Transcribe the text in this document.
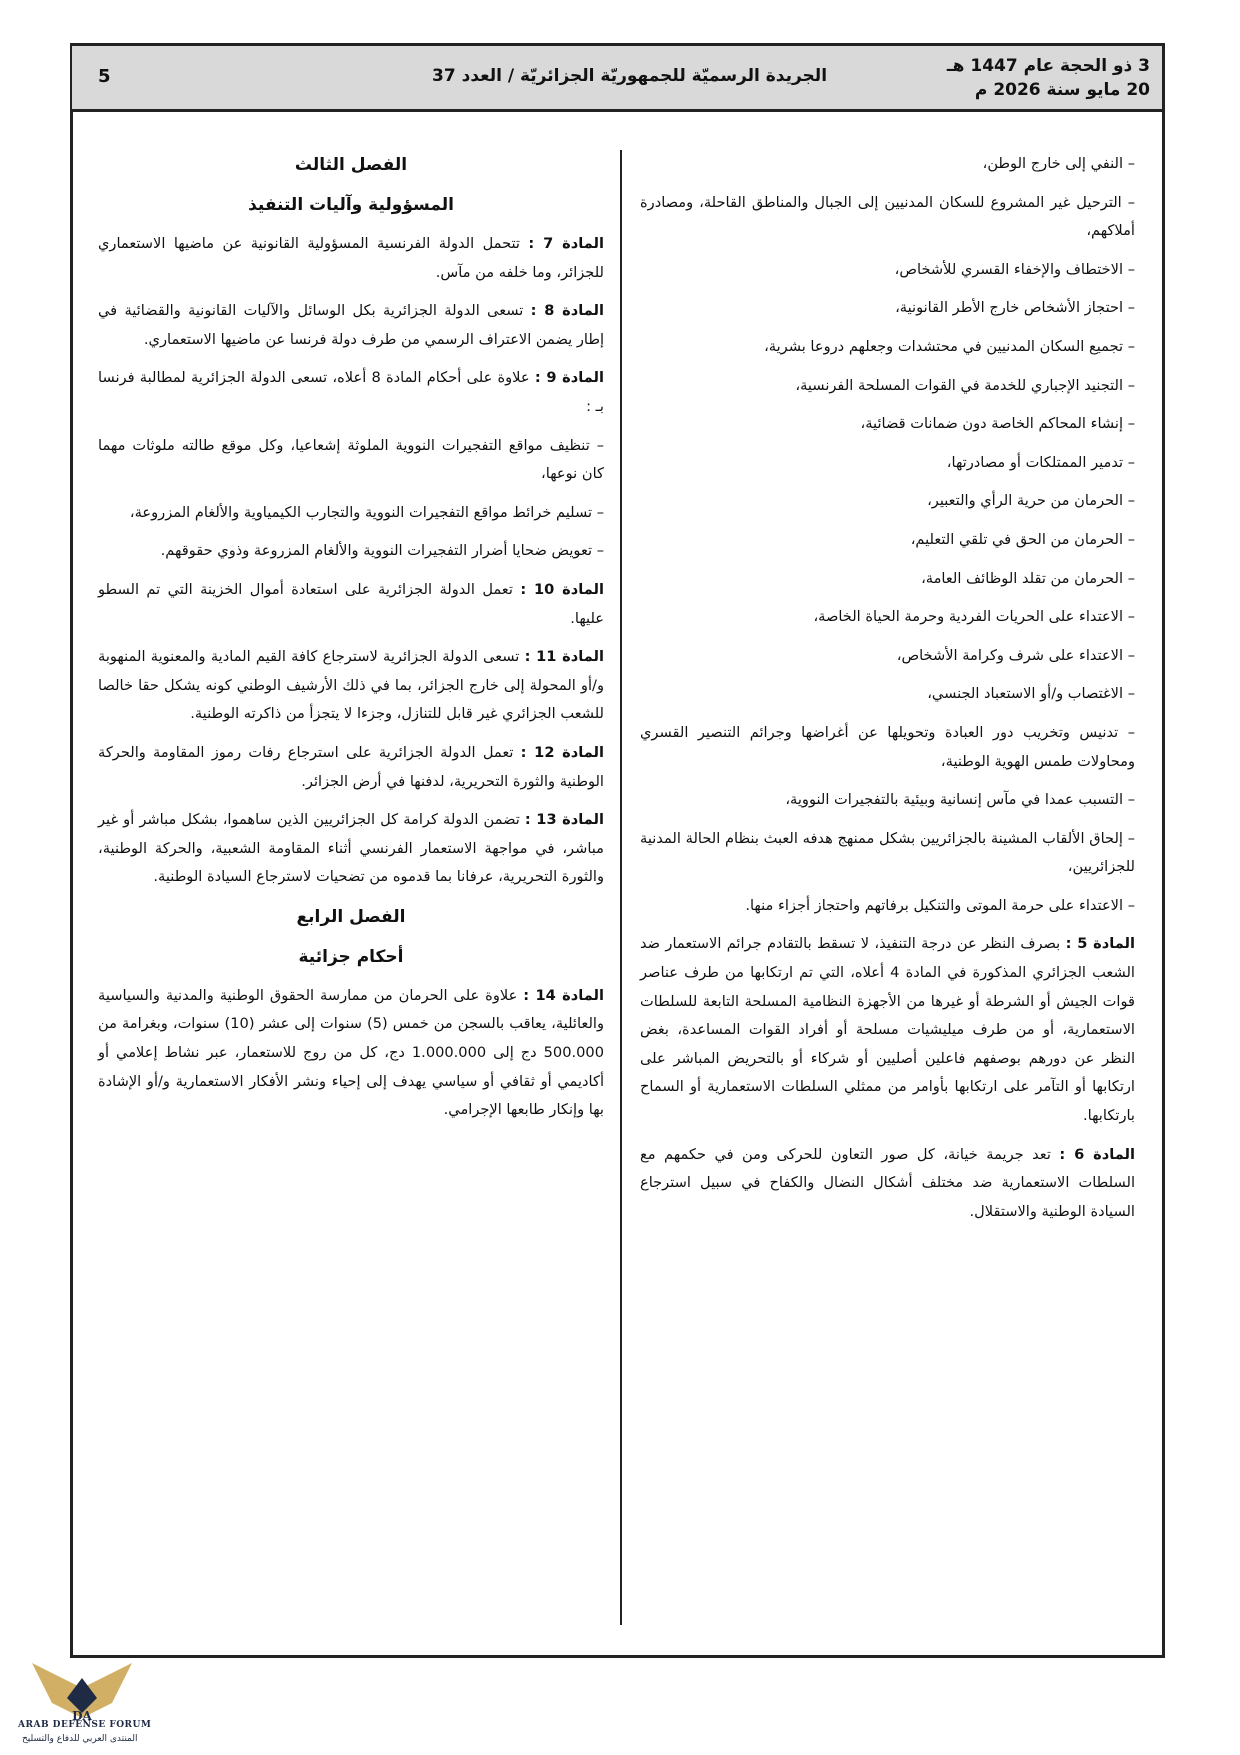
3 ذو الحجة عام 1447 هـ
20 مايو سنة 2026 م
الجريدة الرسميّة للجمهوريّة الجزائريّة / العدد 37
5

– النفي إلى خارج الوطن،

– الترحيل غير المشروع للسكان المدنيين إلى الجبال والمناطق القاحلة، ومصادرة أملاكهم،

– الاختطاف والإخفاء القسري للأشخاص،

– احتجاز الأشخاص خارج الأطر القانونية،

– تجميع السكان المدنيين في محتشدات وجعلهم دروعا بشرية،

– التجنيد الإجباري للخدمة في القوات المسلحة الفرنسية،

– إنشاء المحاكم الخاصة دون ضمانات قضائية،

– تدمير الممتلكات أو مصادرتها،

– الحرمان من حرية الرأي والتعبير،

– الحرمان من الحق في تلقي التعليم،

– الحرمان من تقلد الوظائف العامة،

– الاعتداء على الحريات الفردية وحرمة الحياة الخاصة،

– الاعتداء على شرف وكرامة الأشخاص،

– الاغتصاب و/أو الاستعباد الجنسي،

– تدنيس وتخريب دور العبادة وتحويلها عن أغراضها وجرائم التنصير القسري ومحاولات طمس الهوية الوطنية،

– التسبب عمدا في مآس إنسانية وبيئية بالتفجيرات النووية،

– إلحاق الألقاب المشينة بالجزائريين بشكل ممنهج هدفه العبث بنظام الحالة المدنية للجزائريين،

– الاعتداء على حرمة الموتى والتنكيل برفاتهم واحتجاز أجزاء منها.

المادة 5 : بصرف النظر عن درجة التنفيذ، لا تسقط بالتقادم جرائم الاستعمار ضد الشعب الجزائري المذكورة في المادة 4 أعلاه، التي تم ارتكابها من طرف عناصر قوات الجيش أو الشرطة أو غيرها من الأجهزة النظامية المسلحة التابعة للسلطات الاستعمارية، أو من طرف ميليشيات مسلحة أو أفراد القوات المساعدة، بغض النظر عن دورهم بوصفهم فاعلين أصليين أو شركاء أو بالتحريض المباشر على ارتكابها أو التآمر على ارتكابها بأوامر من ممثلي السلطات الاستعمارية أو السماح بارتكابها.

المادة 6 : تعد جريمة خيانة، كل صور التعاون للحركى ومن في حكمهم مع السلطات الاستعمارية ضد مختلف أشكال النضال والكفاح في سبيل استرجاع السيادة الوطنية والاستقلال.

الفصل الثالث
المسؤولية وآليات التنفيذ

المادة 7 : تتحمل الدولة الفرنسية المسؤولية القانونية عن ماضيها الاستعماري للجزائر، وما خلفه من مآس.

المادة 8 : تسعى الدولة الجزائرية بكل الوسائل والآليات القانونية والقضائية في إطار يضمن الاعتراف الرسمي من طرف دولة فرنسا عن ماضيها الاستعماري.

المادة 9 : علاوة على أحكام المادة 8 أعلاه، تسعى الدولة الجزائرية لمطالبة فرنسا بـ :

– تنظيف مواقع التفجيرات النووية الملوثة إشعاعيا، وكل موقع طالته ملوثات مهما كان نوعها،

– تسليم خرائط مواقع التفجيرات النووية والتجارب الكيمياوية والألغام المزروعة،

– تعويض ضحايا أضرار التفجيرات النووية والألغام المزروعة وذوي حقوقهم.

المادة 10 : تعمل الدولة الجزائرية على استعادة أموال الخزينة التي تم السطو عليها.

المادة 11 : تسعى الدولة الجزائرية لاسترجاع كافة القيم المادية والمعنوية المنهوبة و/أو المحولة إلى خارج الجزائر، بما في ذلك الأرشيف الوطني كونه يشكل حقا خالصا للشعب الجزائري غير قابل للتنازل، وجزءا لا يتجزأ من ذاكرته الوطنية.

المادة 12 : تعمل الدولة الجزائرية على استرجاع رفات رموز المقاومة والحركة الوطنية والثورة التحريرية، لدفنها في أرض الجزائر.

المادة 13 : تضمن الدولة كرامة كل الجزائريين الذين ساهموا، بشكل مباشر أو غير مباشر، في مواجهة الاستعمار الفرنسي أثناء المقاومة الشعبية، والحركة الوطنية، والثورة التحريرية، عرفانا بما قدموه من تضحيات لاسترجاع السيادة الوطنية.

الفصل الرابع
أحكام جزائية

المادة 14 : علاوة على الحرمان من ممارسة الحقوق الوطنية والمدنية والسياسية والعائلية، يعاقب بالسجن من خمس (5) سنوات إلى عشر (10) سنوات، وبغرامة من 500.000 دج إلى 1.000.000 دج، كل من روج للاستعمار، عبر نشاط إعلامي أو أكاديمي أو ثقافي أو سياسي يهدف إلى إحياء ونشر الأفكار الاستعمارية و/أو الإشادة بها وإنكار طابعها الإجرامي.

DA
ARAB DEFENSE FORUM
المنتدى العربي للدفاع والتسليح
